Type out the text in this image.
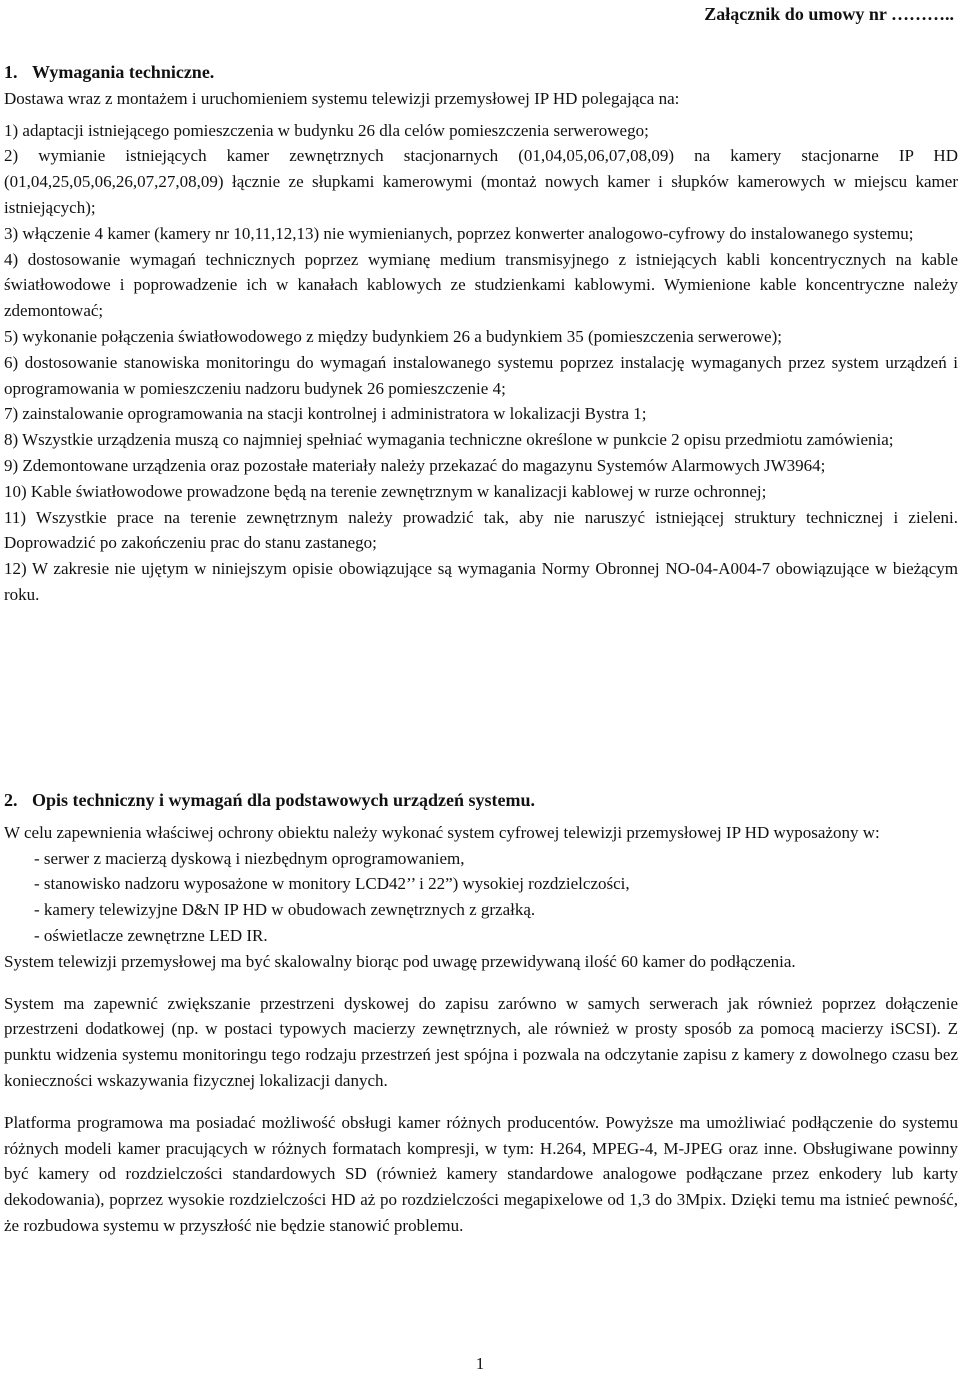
Załącznik do umowy nr ………..
1. Wymagania techniczne.

Dostawa wraz z montażem i uruchomieniem systemu telewizji przemysłowej IP HD polegająca na:

1) adaptacji istniejącego pomieszczenia w budynku 26 dla celów pomieszczenia serwerowego;

2) wymianie istniejących kamer zewnętrznych stacjonarnych (01,04,05,06,07,08,09) na kamery stacjonarne IP HD (01,04,25,05,06,26,07,27,08,09) łącznie ze słupkami kamerowymi (montaż nowych kamer i słupków kamerowych w miejscu kamer istniejących);

3) włączenie 4 kamer (kamery nr 10,11,12,13) nie wymienianych, poprzez konwerter analogowo-cyfrowy do instalowanego systemu;

4) dostosowanie wymagań technicznych poprzez wymianę medium transmisyjnego z istniejących kabli koncentrycznych na kable światłowodowe i poprowadzenie ich w kanałach kablowych ze studzienkami kablowymi. Wymienione kable koncentryczne należy zdemontować;

5) wykonanie połączenia światłowodowego z między budynkiem 26 a budynkiem 35 (pomieszczenia serwerowe);

6) dostosowanie stanowiska monitoringu do wymagań instalowanego systemu poprzez instalację wymaganych przez system urządzeń i oprogramowania w pomieszczeniu nadzoru budynek 26 pomieszczenie 4;

7) zainstalowanie oprogramowania na stacji kontrolnej i administratora w lokalizacji Bystra 1;

8) Wszystkie urządzenia muszą co najmniej spełniać wymagania techniczne określone w punkcie 2 opisu przedmiotu zamówienia;

9) Zdemontowane urządzenia oraz pozostałe materiały należy przekazać do magazynu Systemów Alarmowych JW3964;

10) Kable światłowodowe prowadzone będą na terenie zewnętrznym w kanalizacji kablowej w rurze ochronnej;

11) Wszystkie prace na terenie zewnętrznym należy prowadzić tak, aby nie naruszyć istniejącej struktury technicznej i zieleni. Doprowadzić po zakończeniu prac do stanu zastanego;

12) W zakresie nie ujętym w niniejszym opisie obowiązujące są wymagania Normy Obronnej NO-04-A004-7 obowiązujące w bieżącym roku.

2. Opis techniczny i wymagań dla podstawowych urządzeń systemu.

W celu zapewnienia właściwej ochrony obiektu należy wykonać system cyfrowej telewizji przemysłowej IP HD wyposażony w:

- serwer z macierzą dyskową i niezbędnym oprogramowaniem,
- stanowisko nadzoru wyposażone w monitory LCD42’’ i 22”) wysokiej rozdzielczości,
- kamery telewizyjne D&N IP HD w obudowach zewnętrznych z grzałką.
- oświetlacze zewnętrzne LED IR.

System telewizji przemysłowej ma być skalowalny biorąc pod uwagę przewidywaną ilość 60 kamer do podłączenia.

System ma zapewnić zwiększanie przestrzeni dyskowej do zapisu zarówno w samych serwerach jak również poprzez dołączenie przestrzeni dodatkowej (np. w postaci typowych macierzy zewnętrznych, ale również w prosty sposób za pomocą macierzy iSCSI). Z punktu widzenia systemu monitoringu tego rodzaju przestrzeń jest spójna i pozwala na odczytanie zapisu z kamery z dowolnego czasu bez konieczności wskazywania fizycznej lokalizacji danych.

Platforma programowa ma posiadać możliwość obsługi kamer różnych producentów. Powyższe ma umożliwiać podłączenie do systemu różnych modeli kamer pracujących w różnych formatach kompresji, w tym: H.264, MPEG-4, M-JPEG oraz inne. Obsługiwane powinny być kamery od rozdzielczości standardowych SD (również kamery standardowe analogowe podłączane przez enkodery lub karty dekodowania), poprzez wysokie rozdzielczości HD aż po rozdzielczości megapixelowe od 1,3 do 3Mpix. Dzięki temu ma istnieć pewność, że rozbudowa systemu w przyszłość nie będzie stanowić problemu.

1
